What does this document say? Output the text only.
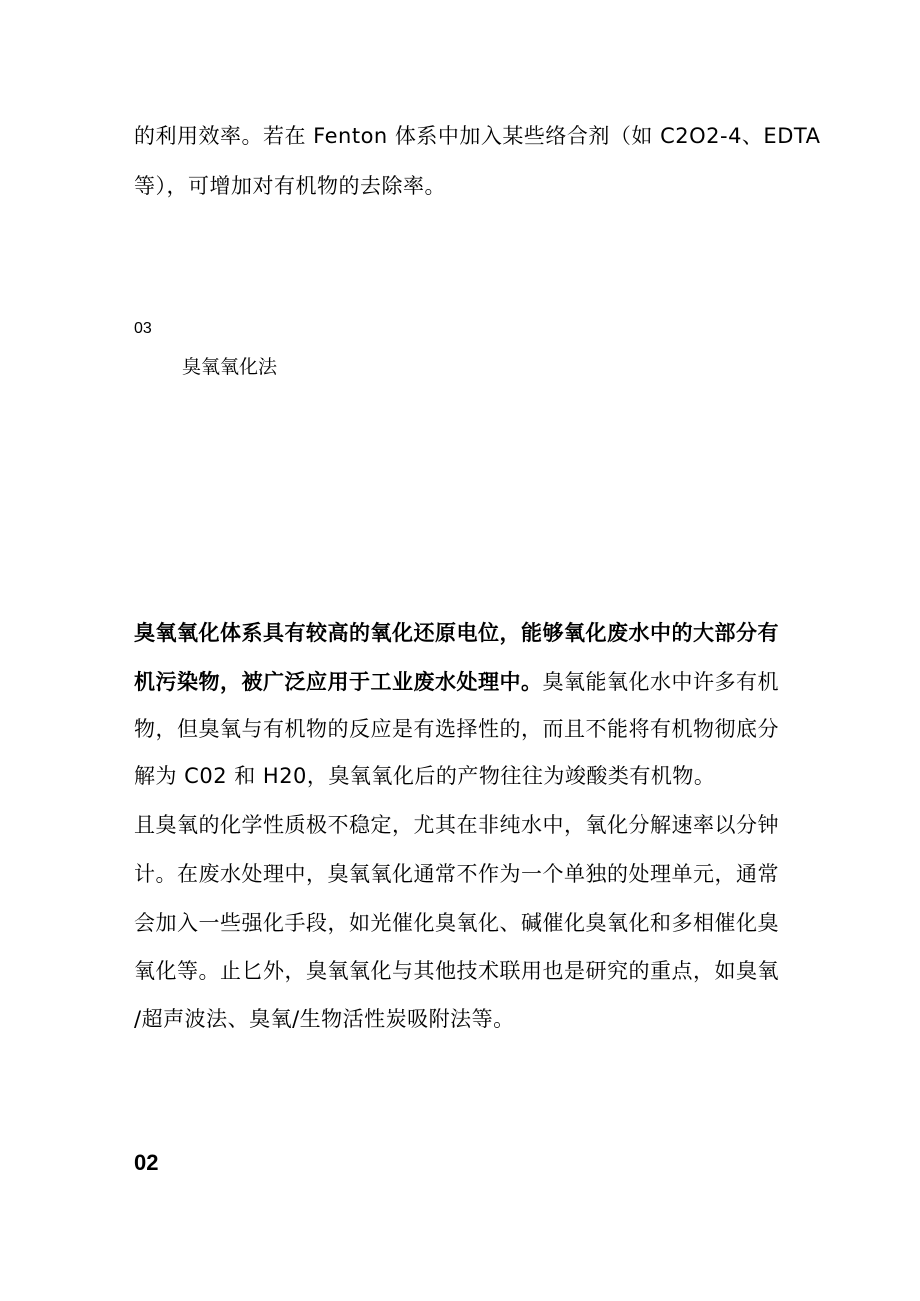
的利用效率。若在 Fenton 体系中加入某些络合剂（如 C2O2-4、EDTA
等），可增加对有机物的去除率。
03
臭氧氧化法
臭氧氧化体系具有较高的氧化还原电位，能够氧化废水中的大部分有
机污染物，被广泛应用于工业废水处理中。臭氧能氧化水中许多有机
物，但臭氧与有机物的反应是有选择性的，而且不能将有机物彻底分
解为 C02 和 H20，臭氧氧化后的产物往往为竣酸类有机物。
且臭氧的化学性质极不稳定，尤其在非纯水中，氧化分解速率以分钟
计。在废水处理中，臭氧氧化通常不作为一个单独的处理单元，通常
会加入一些强化手段，如光催化臭氧化、碱催化臭氧化和多相催化臭
氧化等。止匕外，臭氧氧化与其他技术联用也是研究的重点，如臭氧
/超声波法、臭氧/生物活性炭吸附法等。
02
